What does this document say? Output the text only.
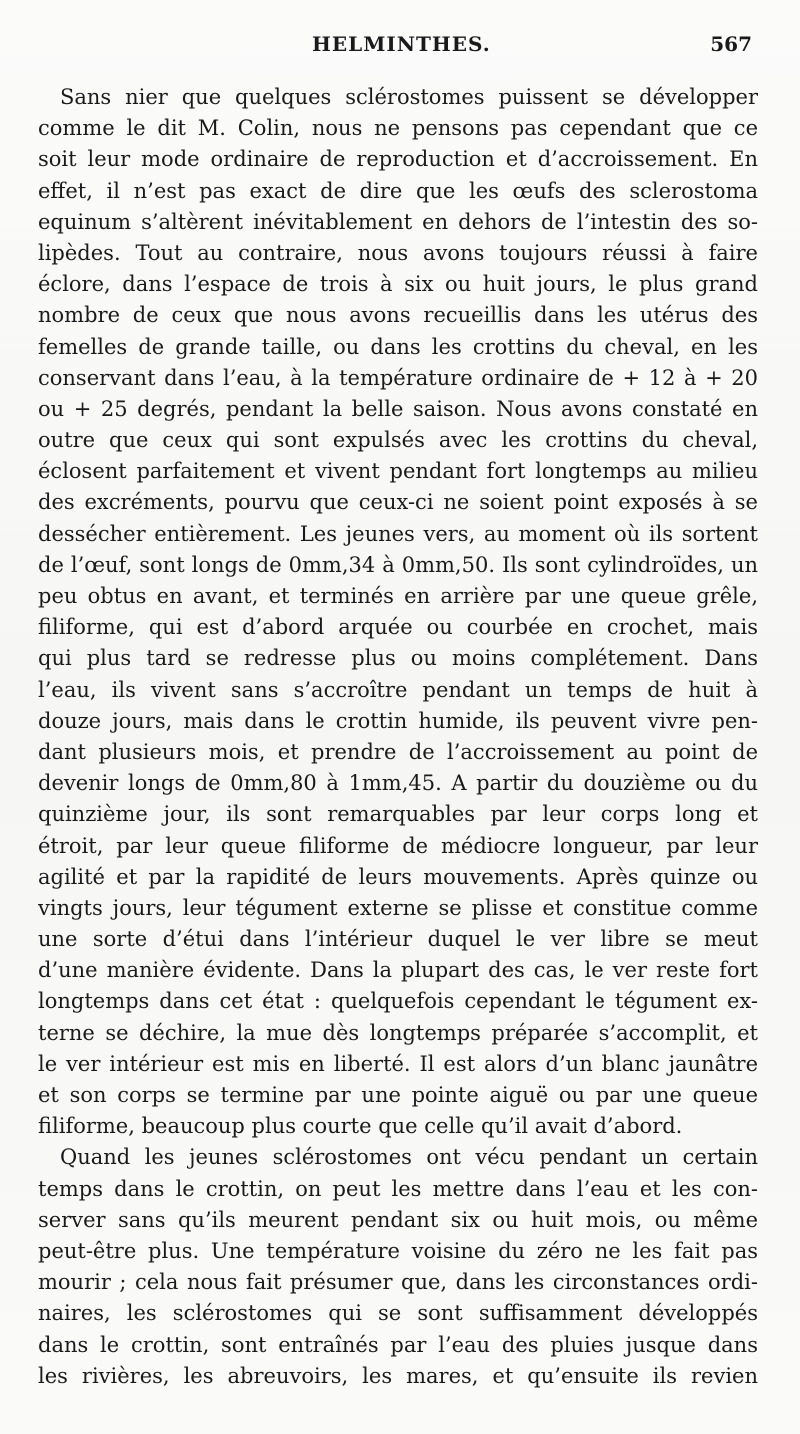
HELMINTHES.	567
Sans nier que quelques sclérostomes puissent se développer
comme le dit M. Colin, nous ne pensons pas cependant que ce
soit leur mode ordinaire de reproduction et d’accroissement. En
effet, il n’est pas exact de dire que les œufs des sclerostoma
equinum s’altèrent inévitablement en dehors de l’intestin des so-
lipèdes. Tout au contraire, nous avons toujours réussi à faire
éclore, dans l’espace de trois à six ou huit jours, le plus grand
nombre de ceux que nous avons recueillis dans les utérus des
femelles de grande taille, ou dans les crottins du cheval, en les
conservant dans l’eau, à la température ordinaire de + 12 à + 20
ou + 25 degrés, pendant la belle saison. Nous avons constaté en
outre que ceux qui sont expulsés avec les crottins du cheval,
éclosent parfaitement et vivent pendant fort longtemps au milieu
des excréments, pourvu que ceux-ci ne soient point exposés à se
dessécher entièrement. Les jeunes vers, au moment où ils sortent
de l’œuf, sont longs de 0mm,34 à 0mm,50. Ils sont cylindroïdes, un
peu obtus en avant, et terminés en arrière par une queue grêle,
filiforme, qui est d’abord arquée ou courbée en crochet, mais
qui plus tard se redresse plus ou moins complétement. Dans
l’eau, ils vivent sans s’accroître pendant un temps de huit à
douze jours, mais dans le crottin humide, ils peuvent vivre pen-
dant plusieurs mois, et prendre de l’accroissement au point de
devenir longs de 0mm,80 à 1mm,45. A partir du douzième ou du
quinzième jour, ils sont remarquables par leur corps long et
étroit, par leur queue filiforme de médiocre longueur, par leur
agilité et par la rapidité de leurs mouvements. Après quinze ou
vingts jours, leur tégument externe se plisse et constitue comme
une sorte d’étui dans l’intérieur duquel le ver libre se meut
d’une manière évidente. Dans la plupart des cas, le ver reste fort
longtemps dans cet état : quelquefois cependant le tégument ex-
terne se déchire, la mue dès longtemps préparée s’accomplit, et
le ver intérieur est mis en liberté. Il est alors d’un blanc jaunâtre
et son corps se termine par une pointe aiguë ou par une queue
filiforme, beaucoup plus courte que celle qu’il avait d’abord.
Quand les jeunes sclérostomes ont vécu pendant un certain
temps dans le crottin, on peut les mettre dans l’eau et les con-
server sans qu’ils meurent pendant six ou huit mois, ou même
peut-être plus. Une température voisine du zéro ne les fait pas
mourir ; cela nous fait présumer que, dans les circonstances ordi-
naires, les sclérostomes qui se sont suffisamment développés
dans le crottin, sont entraînés par l’eau des pluies jusque dans
les rivières, les abreuvoirs, les mares, et qu’ensuite ils revien
